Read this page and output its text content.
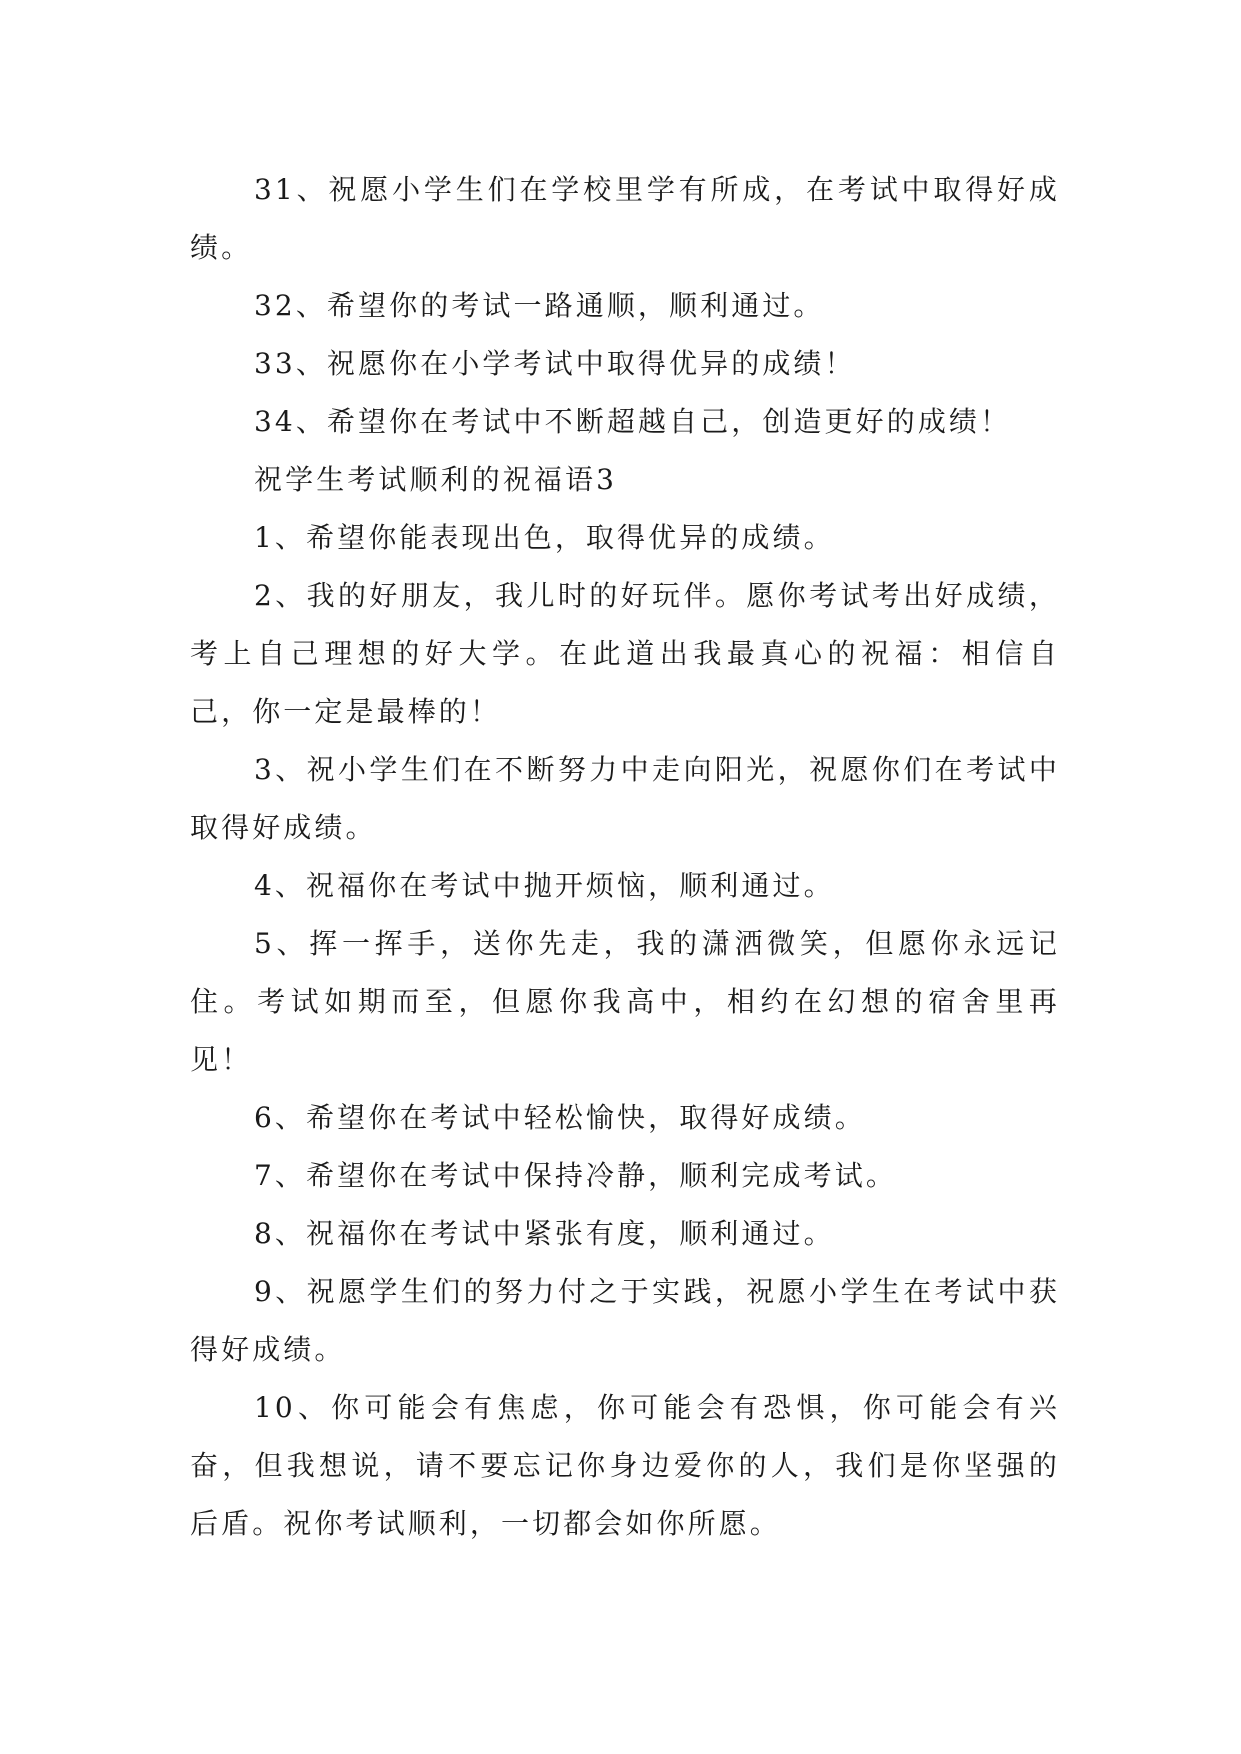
31、祝愿小学生们在学校里学有所成，在考试中取得好成绩。

32、希望你的考试一路通顺，顺利通过。

33、祝愿你在小学考试中取得优异的成绩！

34、希望你在考试中不断超越自己，创造更好的成绩！

祝学生考试顺利的祝福语3

1、希望你能表现出色，取得优异的成绩。

2、我的好朋友，我儿时的好玩伴。愿你考试考出好成绩，考上自己理想的好大学。在此道出我最真心的祝福：相信自己，你一定是最棒的！

3、祝小学生们在不断努力中走向阳光，祝愿你们在考试中取得好成绩。

4、祝福你在考试中抛开烦恼，顺利通过。

5、挥一挥手，送你先走，我的潇洒微笑，但愿你永远记住。考试如期而至，但愿你我高中，相约在幻想的宿舍里再见！

6、希望你在考试中轻松愉快，取得好成绩。

7、希望你在考试中保持冷静，顺利完成考试。

8、祝福你在考试中紧张有度，顺利通过。

9、祝愿学生们的努力付之于实践，祝愿小学生在考试中获得好成绩。

10、你可能会有焦虑，你可能会有恐惧，你可能会有兴奋，但我想说，请不要忘记你身边爱你的人，我们是你坚强的后盾。祝你考试顺利，一切都会如你所愿。
